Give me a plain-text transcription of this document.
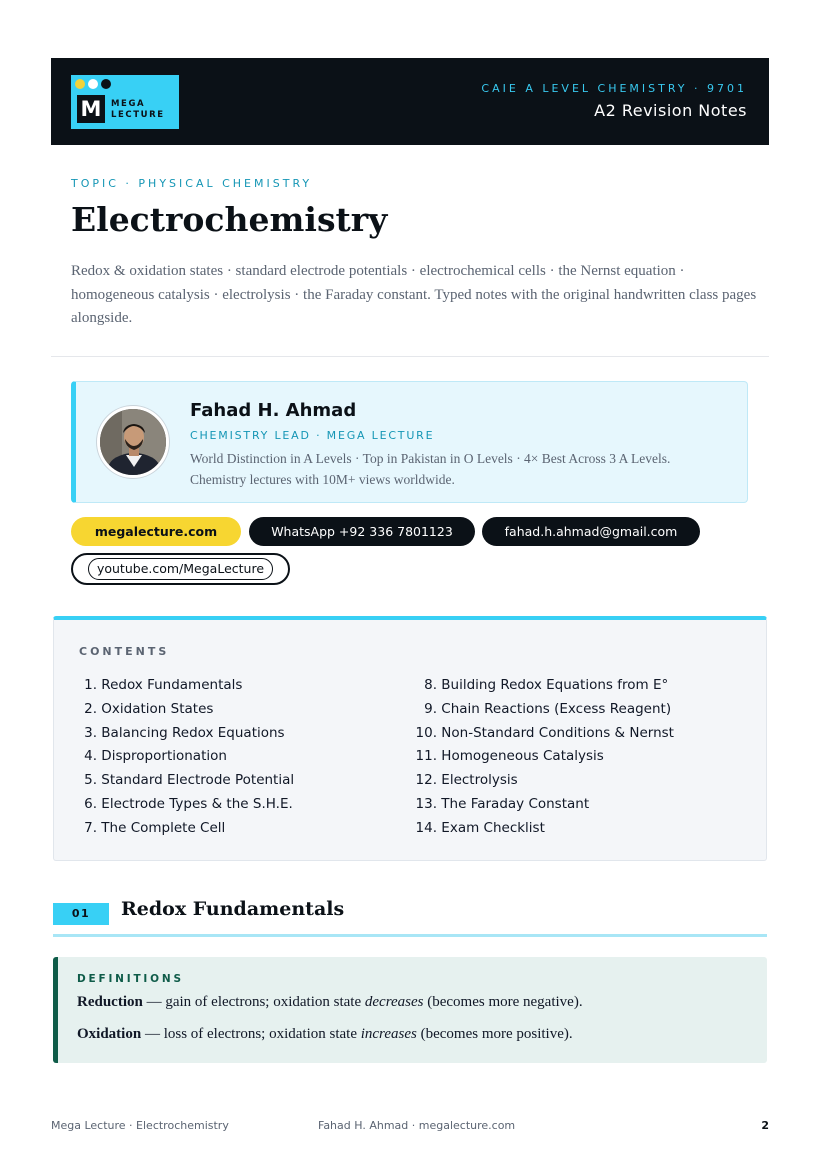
M	MEGA
LECTURE
CAIE A LEVEL CHEMISTRY · 9701
A2 Revision Notes
TOPIC · PHYSICAL CHEMISTRY
Electrochemistry
Redox & oxidation states · standard electrode potentials · electrochemical cells · the Nernst equation · homogeneous catalysis · electrolysis · the Faraday constant. Typed notes with the original handwritten class pages alongside.
Fahad H. Ahmad
CHEMISTRY LEAD · MEGA LECTURE
World Distinction in A Levels · Top in Pakistan in O Levels · 4× Best Across 3 A Levels. Chemistry lectures with 10M+ views worldwide.
megalecture.com	WhatsApp +92 336 7801123	fahad.h.ahmad@gmail.com
youtube.com/MegaLecture
CONTENTS
1. Redox Fundamentals
2. Oxidation States
3. Balancing Redox Equations
4. Disproportionation
5. Standard Electrode Potential
6. Electrode Types & the S.H.E.
7. The Complete Cell
8. Building Redox Equations from E°
9. Chain Reactions (Excess Reagent)
10. Non-Standard Conditions & Nernst
11. Homogeneous Catalysis
12. Electrolysis
13. The Faraday Constant
14. Exam Checklist
01	Redox Fundamentals
DEFINITIONS
Reduction — gain of electrons; oxidation state decreases (becomes more negative).
Oxidation — loss of electrons; oxidation state increases (becomes more positive).
Mega Lecture · Electrochemistry	Fahad H. Ahmad · megalecture.com	2
